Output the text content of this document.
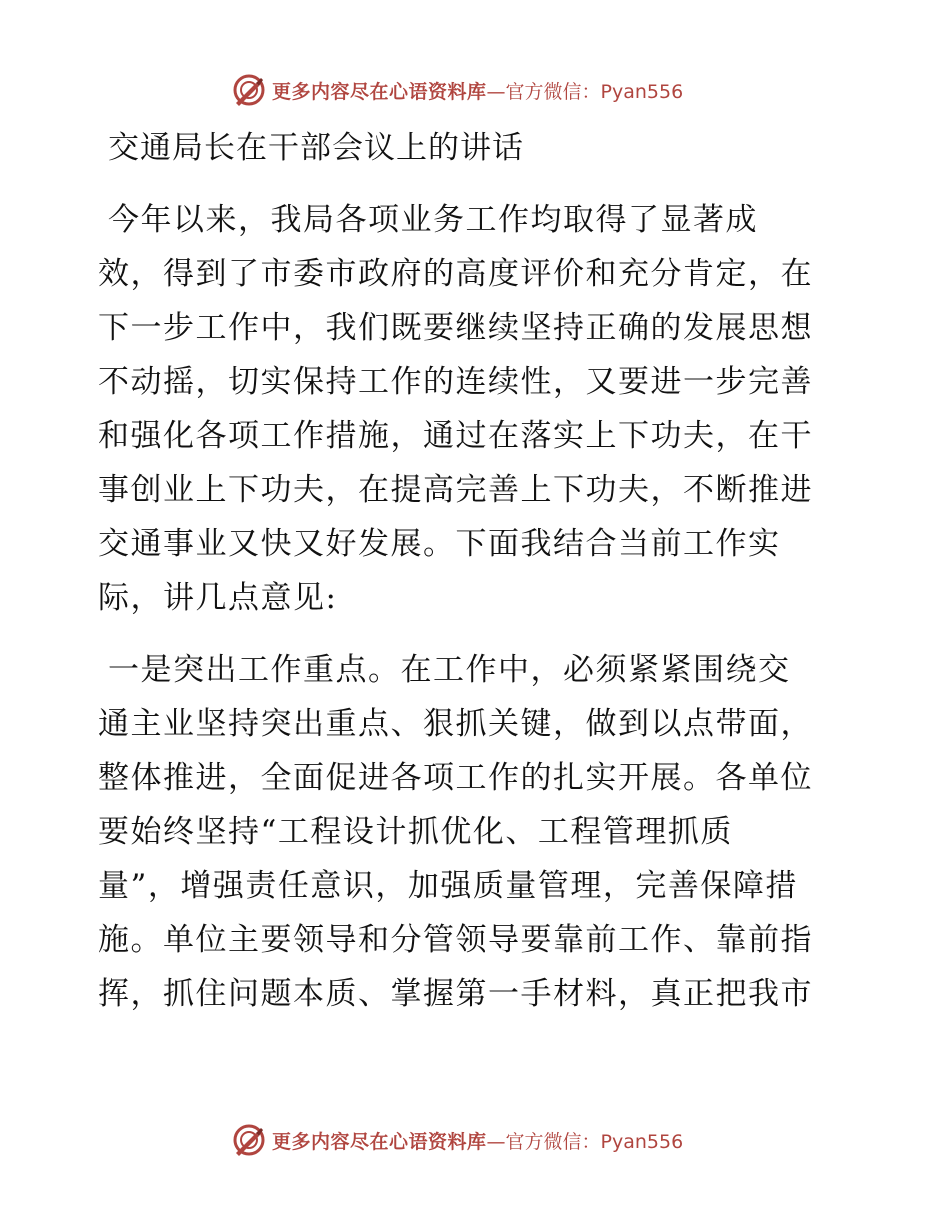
更多内容尽在心语资料库 —官方微信：Pyan556
交通局长在干部会议上的讲话

今年以来，我局各项业务工作均取得了显著成
效，得到了市委市政府的高度评价和充分肯定，在
下一步工作中，我们既要继续坚持正确的发展思想
不动摇，切实保持工作的连续性，又要进一步完善
和强化各项工作措施，通过在落实上下功夫，在干
事创业上下功夫，在提高完善上下功夫，不断推进
交通事业又快又好发展。下面我结合当前工作实
际，讲几点意见:

一是突出工作重点。在工作中，必须紧紧围绕交
通主业坚持突出重点、狠抓关键，做到以点带面，
整体推进，全面促进各项工作的扎实开展。各单位
要始终坚持“工程设计抓优化、工程管理抓质
量”，增强责任意识，加强质量管理，完善保障措
施。单位主要领导和分管领导要靠前工作、靠前指
挥，抓住问题本质、掌握第一手材料，真正把我市

更多内容尽在心语资料库 —官方微信：Pyan556
